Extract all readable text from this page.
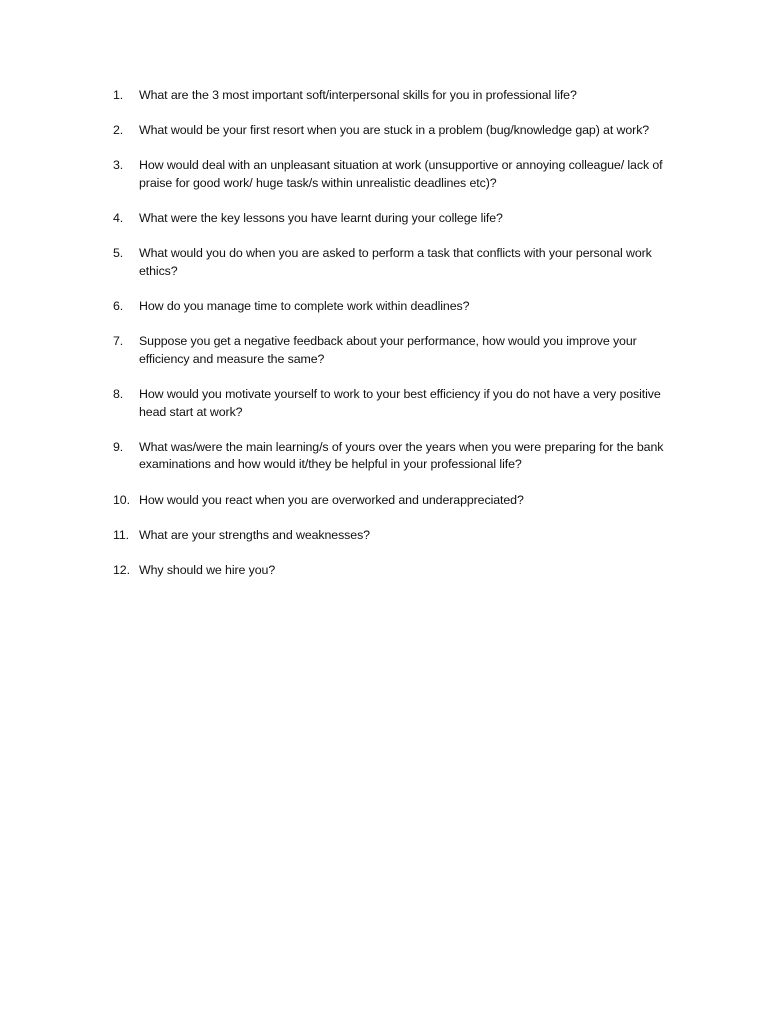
1.	What are the 3 most important soft/interpersonal skills for you in professional life?
2.	What would be your first resort when you are stuck in a problem (bug/knowledge gap) at work?
3.	How would deal with an unpleasant situation at work (unsupportive or annoying colleague/ lack of praise for good work/ huge task/s within unrealistic deadlines etc)?
4.	What were the key lessons you have learnt during your college life?
5.	What would you do when you are asked to perform a task that conflicts with your personal work ethics?
6.	How do you manage time to complete work within deadlines?
7.	Suppose you get a negative feedback about your performance, how would you improve your efficiency and measure the same?
8.	How would you motivate yourself to work to your best efficiency if you do not have a very positive head start at work?
9.	What was/were the main learning/s of yours over the years when you were preparing for the bank examinations and how would it/they be helpful in your professional life?
10. How would you react when you are overworked and underappreciated?
11. What are your strengths and weaknesses?
12. Why should we hire you?
